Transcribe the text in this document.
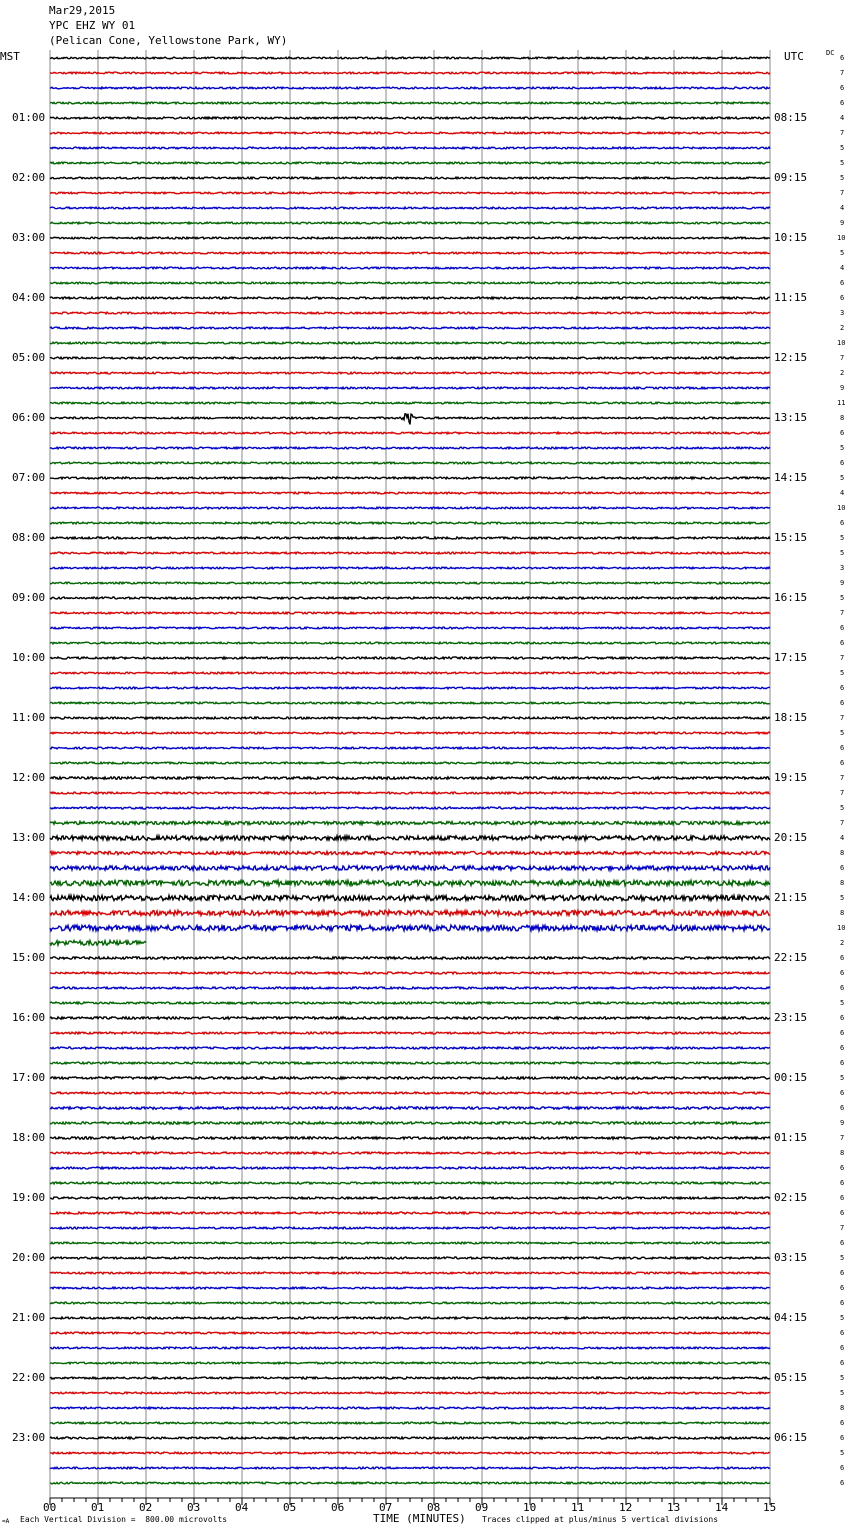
Mar29,2015
YPC EHZ WY 01
(Pelican Cone, Yellowstone Park, WY)
MST	UTC	DC
01:00
02:00
03:00
04:00
05:00
06:00
07:00
08:00
09:00
10:00
11:00
12:00
13:00
14:00
15:00
16:00
17:00
18:00
19:00
20:00
21:00
22:00
23:00
08:15
09:15
10:15
11:15
12:15
13:15
14:15
15:15
16:15
17:15
18:15
19:15
20:15
21:15
22:15
23:15
00:15
01:15
02:15
03:15
04:15
05:15
06:15
6
7
6
6
4
7
5
5
5
7
4
9
10
5
4
6
6
3
2
10
7
2
9
11
8
6
5
6
5
4
10
6
5
5
3
9
5
7
6
6
7
5
6
6
7
5
6
6
7
7
5
7
4
8
6
8
5
8
10
2
6
6
6
5
6
6
6
6
5
6
6
9
7
8
6
6
6
6
7
6
5
6
6
6
5
6
6
6
5
5
8
6
6
5
6
6
00	01	02	03	04	05	06	07	08	09	10	11	12	13	14	15
=A Each Vertical Division =  800.00 microvolts	TIME (MINUTES) Traces clipped at plus/minus 5 vertical divisions
